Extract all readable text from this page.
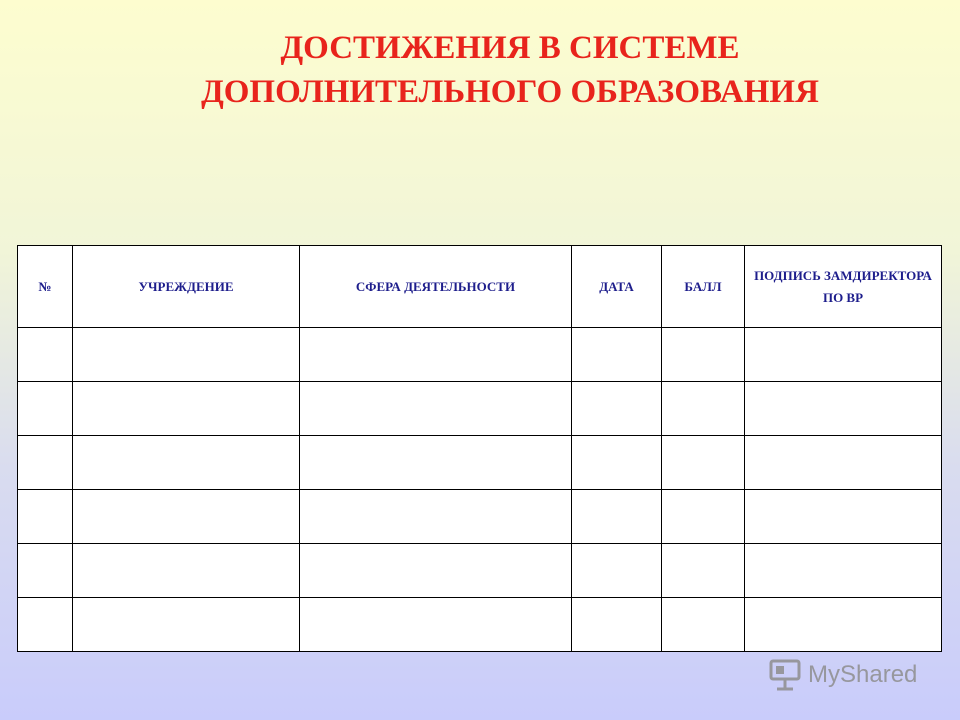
ДОСТИЖЕНИЯ В СИСТЕМЕ
ДОПОЛНИТЕЛЬНОГО ОБРАЗОВАНИЯ
№	УЧРЕЖДЕНИЕ	СФЕРА ДЕЯТЕЛЬНОСТИ	ДАТА	БАЛЛ	ПОДПИСЬ ЗАМДИРЕКТОРА ПО ВР

MyShared
